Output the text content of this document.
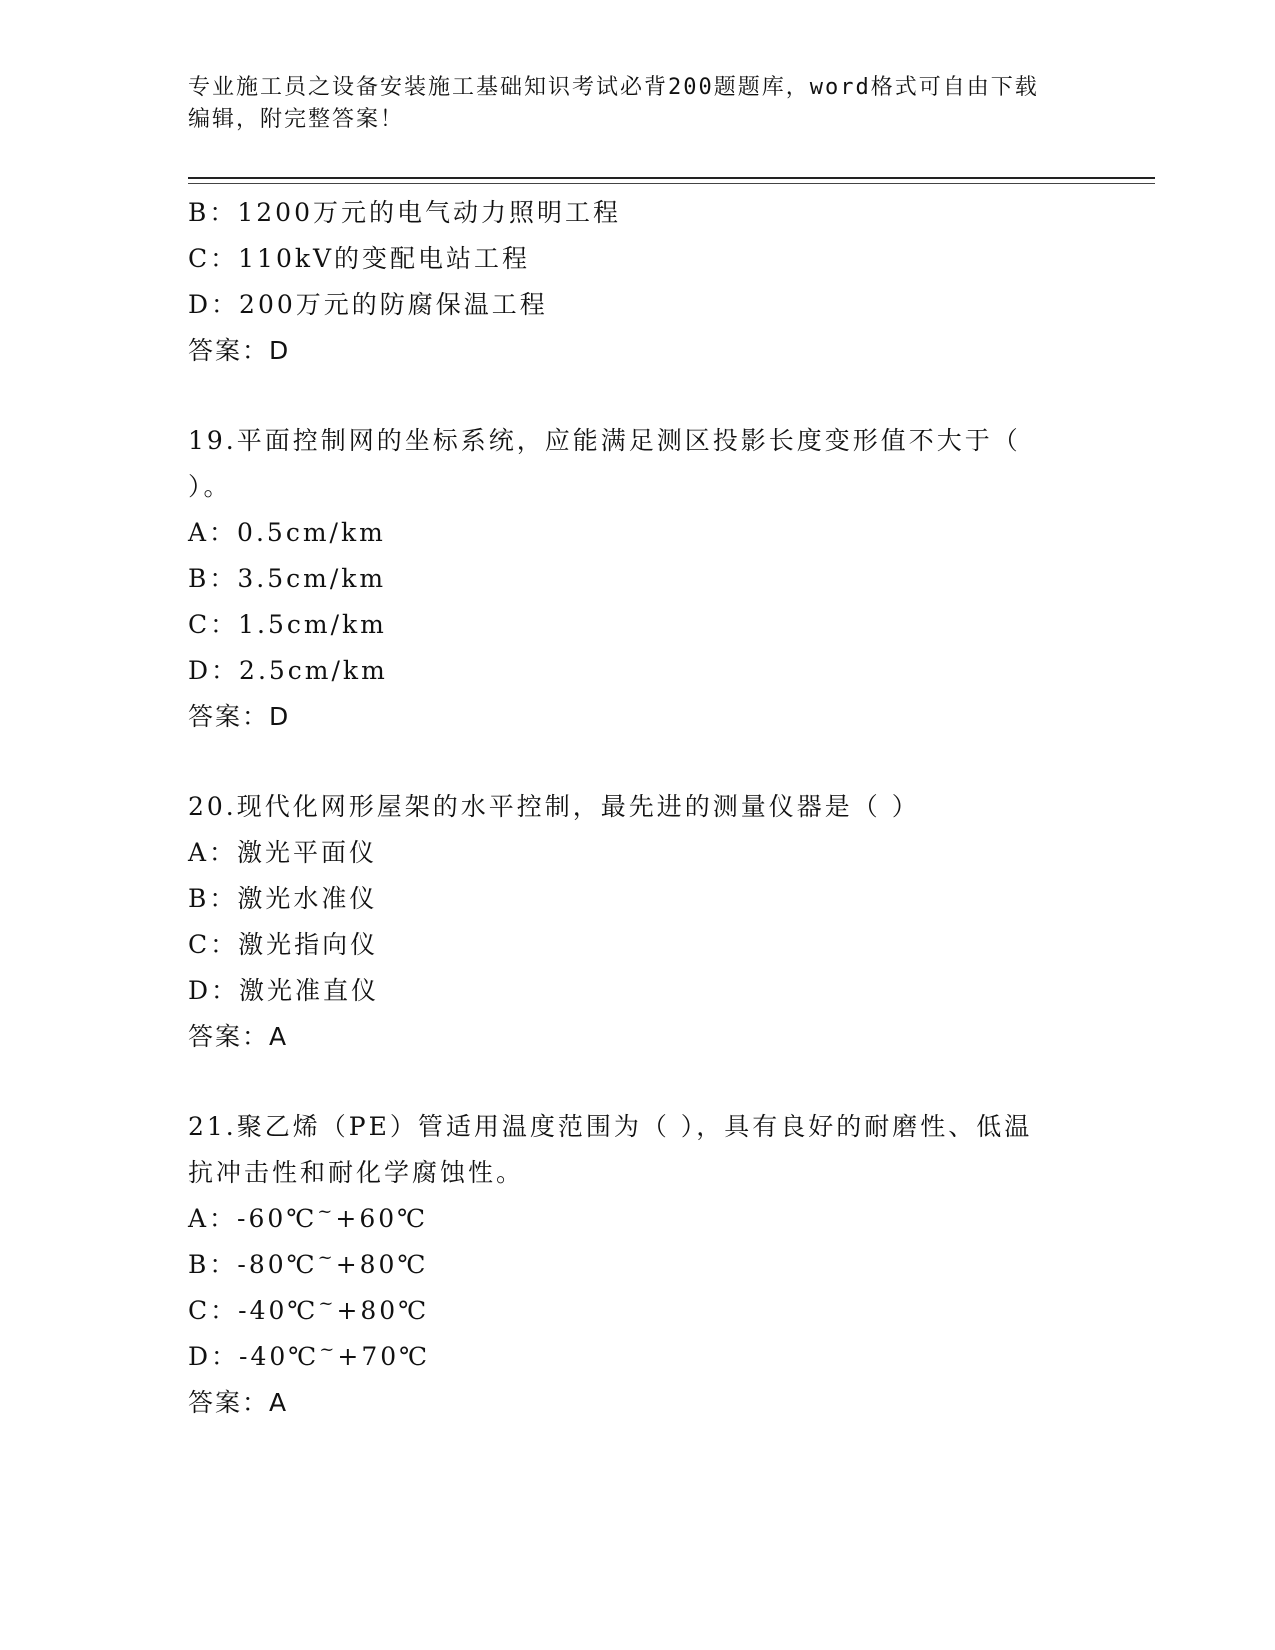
专业施工员之设备安装施工基础知识考试必背200题题库，word格式可自由下载
编辑，附完整答案！
B：1200万元的电气动力照明工程
C：110kV的变配电站工程
D：200万元的防腐保温工程
答案：D
19.平面控制网的坐标系统，应能满足测区投影长度变形值不大于（
）。
A：0.5cm/km
B：3.5cm/km
C：1.5cm/km
D：2.5cm/km
答案：D
20.现代化网形屋架的水平控制，最先进的测量仪器是（ ）
A：激光平面仪
B：激光水准仪
C：激光指向仪
D：激光准直仪
答案：A
21.聚乙烯（PE）管适用温度范围为（ ），具有良好的耐磨性、低温
抗冲击性和耐化学腐蚀性。
A：-60℃~+60℃
B：-80℃~+80℃
C：-40℃~+80℃
D：-40℃~+70℃
答案：A
